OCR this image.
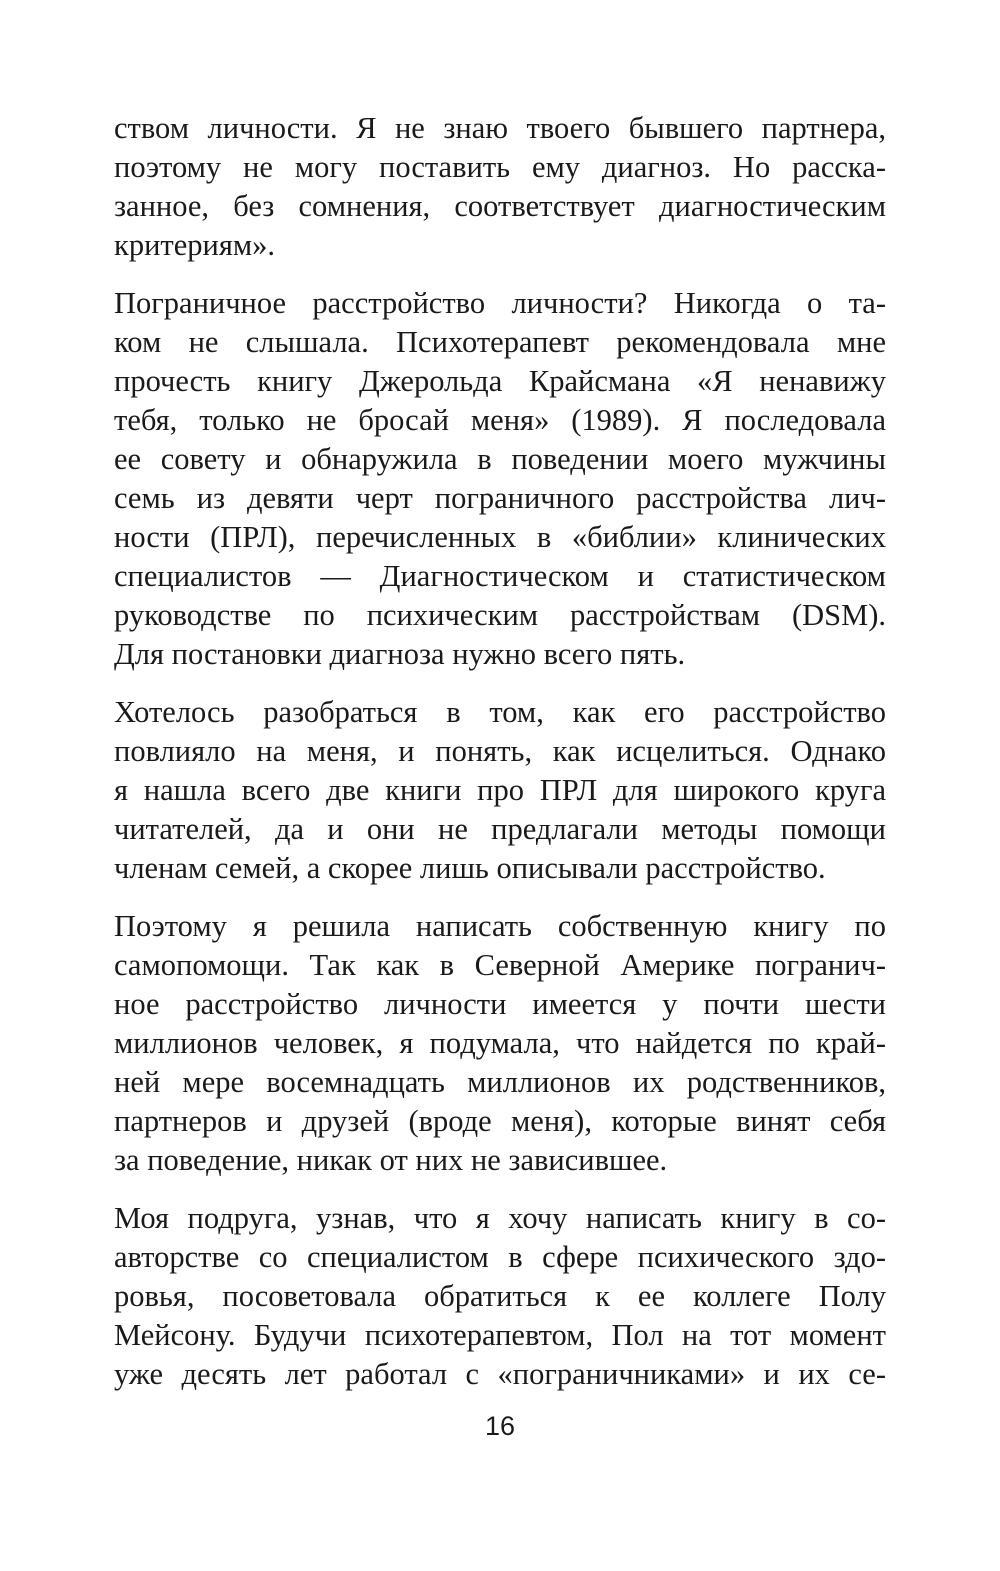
ством личности. Я не знаю твоего бывшего партнера,
поэтому не могу поставить ему диагноз. Но расска-
занное, без сомнения, соответствует диагностическим
критериям».
Пограничное расстройство личности? Никогда о та-
ком не слышала. Психотерапевт рекомендовала мне
прочесть книгу Джерольда Крайсмана «Я ненавижу
тебя, только не бросай меня» (1989). Я последовала
ее совету и обнаружила в поведении моего мужчины
семь из девяти черт пограничного расстройства лич-
ности (ПРЛ), перечисленных в «библии» клинических
специалистов — Диагностическом и статистическом
руководстве по психическим расстройствам (DSM).
Для постановки диагноза нужно всего пять.
Хотелось разобраться в том, как его расстройство
повлияло на меня, и понять, как исцелиться. Однако
я нашла всего две книги про ПРЛ для широкого круга
читателей, да и они не предлагали методы помощи
членам семей, а скорее лишь описывали расстройство.
Поэтому я решила написать собственную книгу по
самопомощи. Так как в Северной Америке погранич-
ное расстройство личности имеется у почти шести
миллионов человек, я подумала, что найдется по край-
ней мере восемнадцать миллионов их родственников,
партнеров и друзей (вроде меня), которые винят себя
за поведение, никак от них не зависившее.
Моя подруга, узнав, что я хочу написать книгу в со-
авторстве со специалистом в сфере психического здо-
ровья, посоветовала обратиться к ее коллеге Полу
Мейсону. Будучи психотерапевтом, Пол на тот момент
уже десять лет работал с «пограничниками» и их се-
16
